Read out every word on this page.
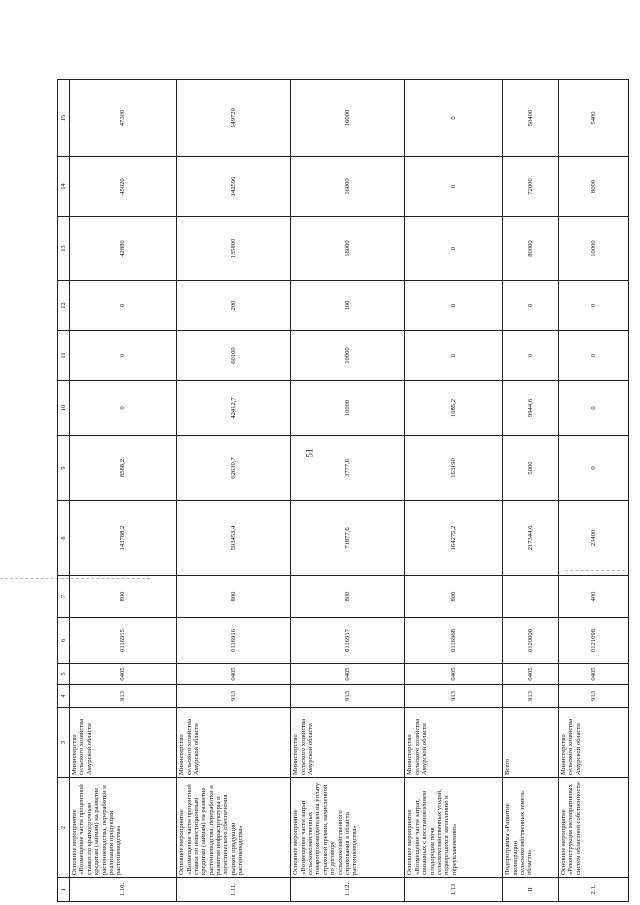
51
1	2	3	4	5	6	7	8	9	10	11	12	13	14	15
1.10.	Основное мероприятие «Возмещение части процентной ставки по краткосрочным кредитам (займам) на развитие растениеводства, переработки и реализации продукции растениеводства»	Министерство сельского хозяйства Амурской области	913	0405	0116915	800	143788,2	8588,2	0	0	0	42880	45020	47300
1.11.	Основное мероприятие «Возмещение части процентной ставки по инвестиционным кредитам (займам) на развитие растениеводства, переработки и развития инфраструктуры и логистического обеспечения рынков продукции растениеводства»	Министерство сельского хозяйства Амурской области	913	0405	0116916	800	593453,4	62630,7	42412,7	60100	200	135800	142590	149720
1.12.	Основное мероприятие «Возмещение части затрат сельскохозяйственных товаропроизводителей на уплату страховой премии, начисленной по договору сельскохозяйственного страхования в области растениеводства»	Министерство сельского хозяйства Амурской области	913	0405	0116917	800	71877,6	3777,6	10000	10000	100	16000	16000	16000
1.13	Основное мероприятие «Возмещение части затрат, связанных с восстановлением плодородия почв сельскохозяйственных угодий, подвергшихся затоплению и переувлажнению»	Министерство сельского хозяйства Амурской области	913	0405	0116968	800	164275,2	163190	1085,2	0	0	0	0	0
II	Подпрограмма «Развитие мелиорации сельскохозяйственных земель области»	Всего	913	0405	0120000		217344,6	5000	9944,6	0	0	80000	72000	50400
2.1.	Основное мероприятие «Реконструкция мелиоративных систем областной собственности	Министерство сельского хозяйства Амурской области	913	0405	0121098	400	23400	0	0	0	0	10000	8000	5400
